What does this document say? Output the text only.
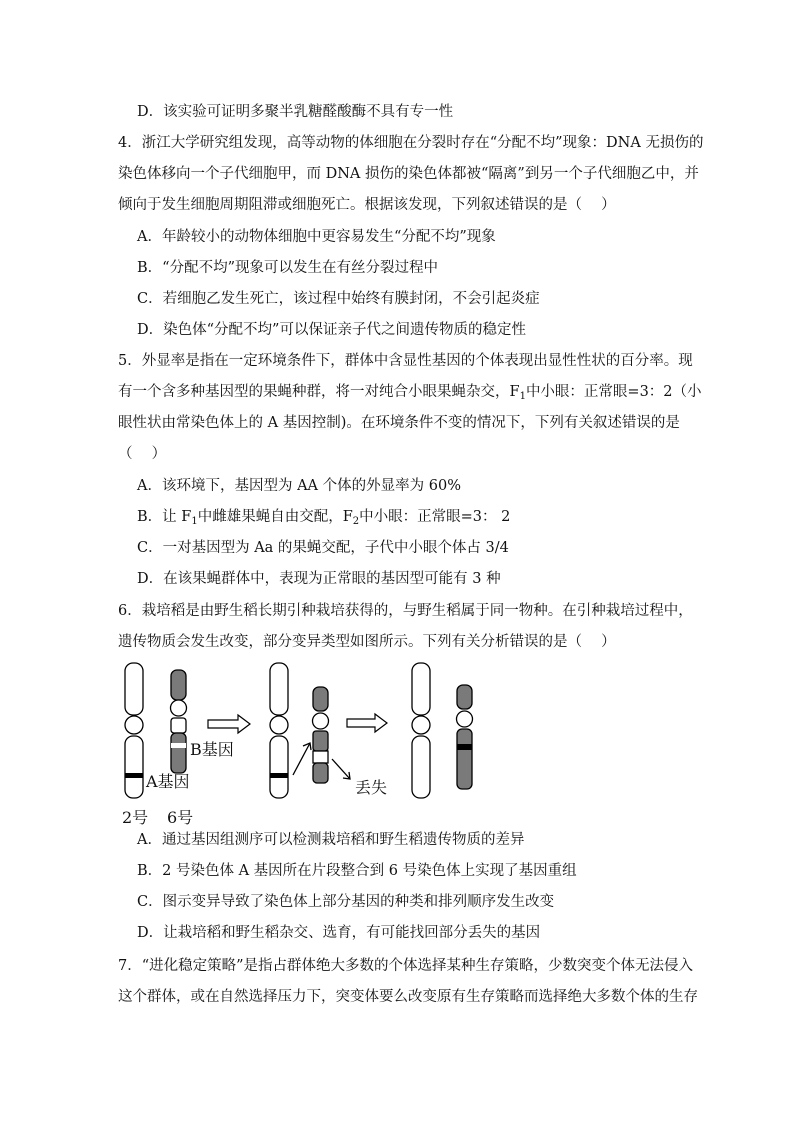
D．该实验可证明多聚半乳糖醛酸酶不具有专一性
4．浙江大学研究组发现，高等动物的体细胞在分裂时存在“分配不均”现象：DNA 无损伤的
染色体移向一个子代细胞甲，而 DNA 损伤的染色体都被“隔离”到另一个子代细胞乙中，并
倾向于发生细胞周期阻滞或细胞死亡。根据该发现，下列叙述错误的是（　 ）
A．年龄较小的动物体细胞中更容易发生“分配不均”现象
B．“分配不均”现象可以发生在有丝分裂过程中
C．若细胞乙发生死亡，该过程中始终有膜封闭，不会引起炎症
D．染色体“分配不均”可以保证亲子代之间遗传物质的稳定性
5．外显率是指在一定环境条件下，群体中含显性基因的个体表现出显性性状的百分率。现
有一个含多种基因型的果蝇种群，将一对纯合小眼果蝇杂交，$F_1$中小眼：正常眼=3：2（小
眼性状由常染色体上的 A 基因控制)。在环境条件不变的情况下，下列有关叙述错误的是
（　 ）
A．该环境下，基因型为 AA 个体的外显率为 60%
B．让 $F_1$中雌雄果蝇自由交配，$F_2$中小眼：正常眼=3： 2
C．一对基因型为 Aa 的果蝇交配，子代中小眼个体占 3/4
D．在该果蝇群体中，表现为正常眼的基因型可能有 3 种
6．栽培稻是由野生稻长期引种栽培获得的，与野生稻属于同一物种。在引种栽培过程中，
遗传物质会发生改变，部分变异类型如图所示。下列有关分析错误的是（　 ）
B基因
A基因	丢失
2号 6号
A．通过基因组测序可以检测栽培稻和野生稻遗传物质的差异
B．2 号染色体 A 基因所在片段整合到 6 号染色体上实现了基因重组
C．图示变异导致了染色体上部分基因的种类和排列顺序发生改变
D．让栽培稻和野生稻杂交、选育，有可能找回部分丢失的基因
7．“进化稳定策略”是指占群体绝大多数的个体选择某种生存策略，少数突变个体无法侵入
这个群体，或在自然选择压力下，突变体要么改变原有生存策略而选择绝大多数个体的生存
